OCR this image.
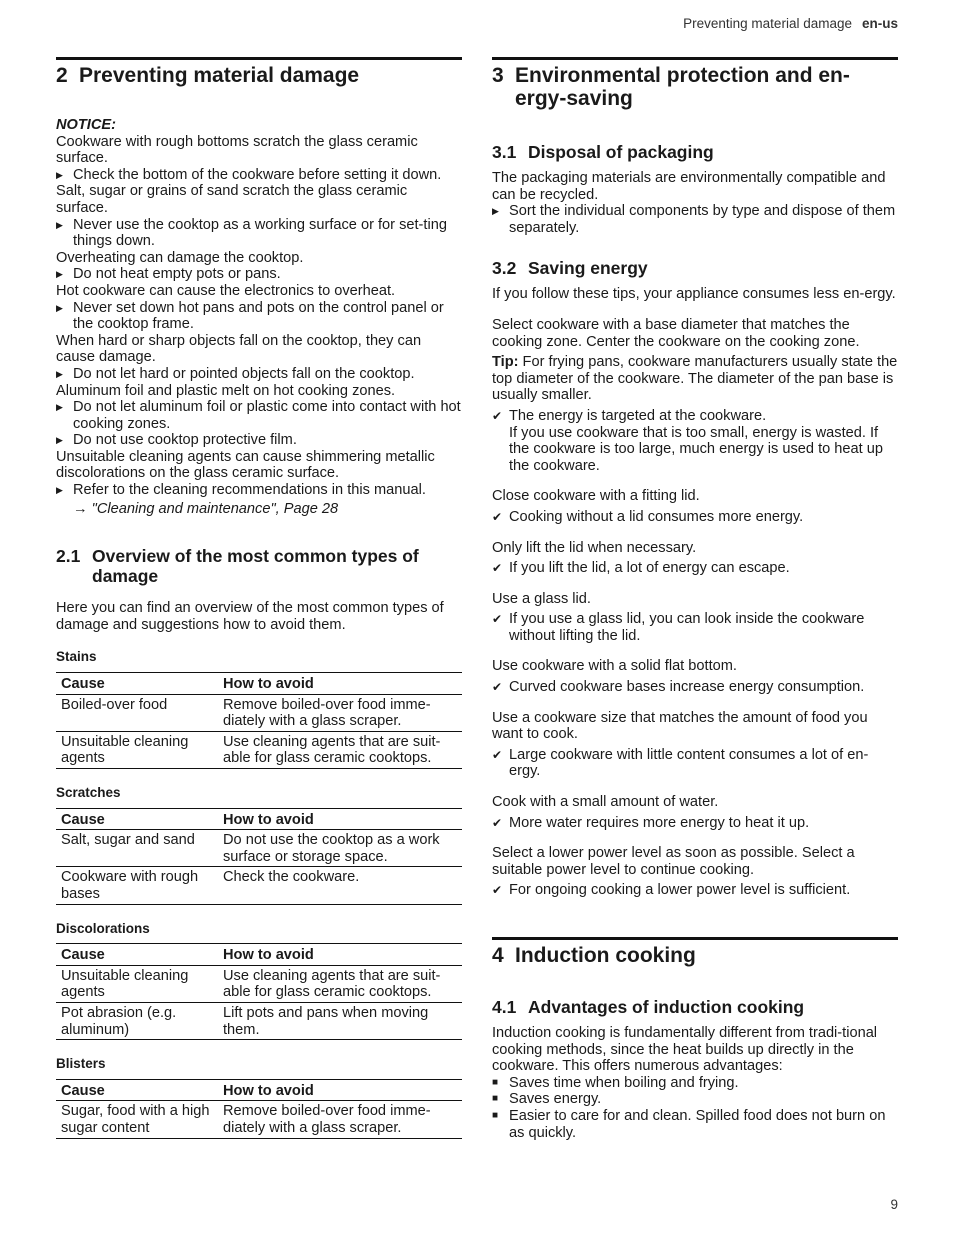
Preventing material damage en-us
2 Preventing material damage
NOTICE:

Cookware with rough bottoms scratch the glass ceramic surface.

▶ Check the bottom of the cookware before setting it down.

Salt, sugar or grains of sand scratch the glass ceramic surface.

▶ Never use the cooktop as a working surface or for set-ting things down.

Overheating can damage the cooktop.

▶ Do not heat empty pots or pans.

Hot cookware can cause the electronics to overheat.

▶ Never set down hot pans and pots on the control panel or the cooktop frame.

When hard or sharp objects fall on the cooktop, they can cause damage.

▶ Do not let hard or pointed objects fall on the cooktop.

Aluminum foil and plastic melt on hot cooking zones.

▶ Do not let aluminum foil or plastic come into contact with hot cooking zones.
▶ Do not use cooktop protective film.

Unsuitable cleaning agents can cause shimmering metallic discolorations on the glass ceramic surface.

▶ Refer to the cleaning recommendations in this manual.
→ "Cleaning and maintenance", Page 28
2.1 Overview of the most common types of damage

Here you can find an overview of the most common types of damage and suggestions how to avoid them.

Stains
Cause	How to avoid
Boiled-over food	Remove boiled-over food imme-diately with a glass scraper.
Unsuitable cleaning agents	Use cleaning agents that are suit-able for glass ceramic cooktops.
Scratches
Cause	How to avoid
Salt, sugar and sand	Do not use the cooktop as a work surface or storage space.
Cookware with rough bases	Check the cookware.
Discolorations
Cause	How to avoid
Unsuitable cleaning agents	Use cleaning agents that are suit-able for glass ceramic cooktops.
Pot abrasion (e.g. aluminum)	Lift pots and pans when moving them.
Blisters
Cause	How to avoid
Sugar, food with a high sugar content	Remove boiled-over food imme-diately with a glass scraper.
3 Environmental protection and en-ergy-saving
3.1 Disposal of packaging

The packaging materials are environmentally compatible and can be recycled.

▶ Sort the individual components by type and dispose of them separately.
3.2 Saving energy

If you follow these tips, your appliance consumes less en-ergy.

Select cookware with a base diameter that matches the cooking zone. Center the cookware on the cooking zone.

Tip: For frying pans, cookware manufacturers usually state the top diameter of the cookware. The diameter of the pan base is usually smaller.

✔ The energy is targeted at the cookware.
If you use cookware that is too small, energy is wasted. If the cookware is too large, much energy is used to heat up the cookware.

Close cookware with a fitting lid.

✔ Cooking without a lid consumes more energy.

Only lift the lid when necessary.

✔ If you lift the lid, a lot of energy can escape.

Use a glass lid.

✔ If you use a glass lid, you can look inside the cookware without lifting the lid.

Use cookware with a solid flat bottom.

✔ Curved cookware bases increase energy consumption.

Use a cookware size that matches the amount of food you want to cook.

✔ Large cookware with little content consumes a lot of en-ergy.

Cook with a small amount of water.

✔ More water requires more energy to heat it up.

Select a lower power level as soon as possible. Select a suitable power level to continue cooking.

✔ For ongoing cooking a lower power level is sufficient.
4 Induction cooking
4.1 Advantages of induction cooking

Induction cooking is fundamentally different from tradi-tional cooking methods, since the heat builds up directly in the cookware. This offers numerous advantages:

■ Saves time when boiling and frying.
■ Saves energy.
■ Easier to care for and clean. Spilled food does not burn on as quickly.
9
